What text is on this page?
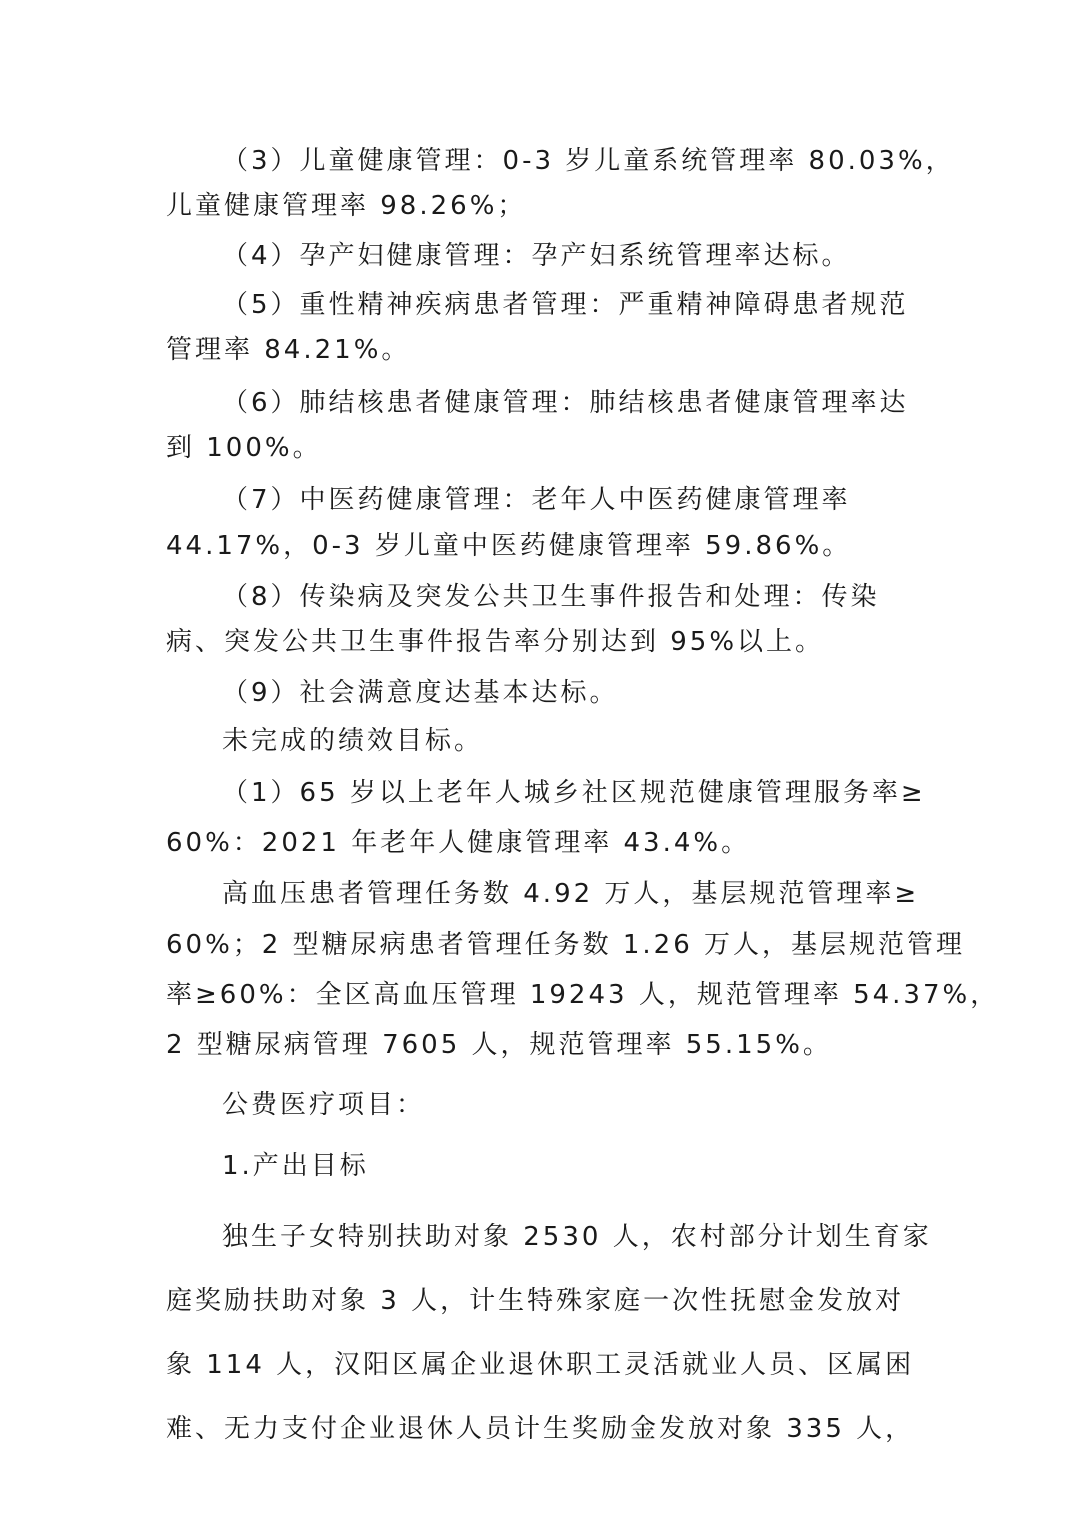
（3）儿童健康管理：0-3 岁儿童系统管理率 80.03%，
儿童健康管理率 98.26%；
（4）孕产妇健康管理：孕产妇系统管理率达标。
（5）重性精神疾病患者管理：严重精神障碍患者规范
管理率 84.21%。
（6）肺结核患者健康管理：肺结核患者健康管理率达
到 100%。
（7）中医药健康管理：老年人中医药健康管理率
44.17%，0-3 岁儿童中医药健康管理率 59.86%。
（8）传染病及突发公共卫生事件报告和处理：传染
病、突发公共卫生事件报告率分别达到 95%以上。
（9）社会满意度达基本达标。
未完成的绩效目标。
（1）65 岁以上老年人城乡社区规范健康管理服务率≥
60%：2021 年老年人健康管理率 43.4%。
高血压患者管理任务数 4.92 万人，基层规范管理率≥
60%；2 型糖尿病患者管理任务数 1.26 万人，基层规范管理
率≥60%：全区高血压管理 19243 人，规范管理率 54.37%，
2 型糖尿病管理 7605 人，规范管理率 55.15%。
公费医疗项目：
1.产出目标
独生子女特别扶助对象 2530 人，农村部分计划生育家
庭奖励扶助对象 3 人，计生特殊家庭一次性抚慰金发放对
象 114 人，汉阳区属企业退休职工灵活就业人员、区属困
难、无力支付企业退休人员计生奖励金发放对象 335 人，
